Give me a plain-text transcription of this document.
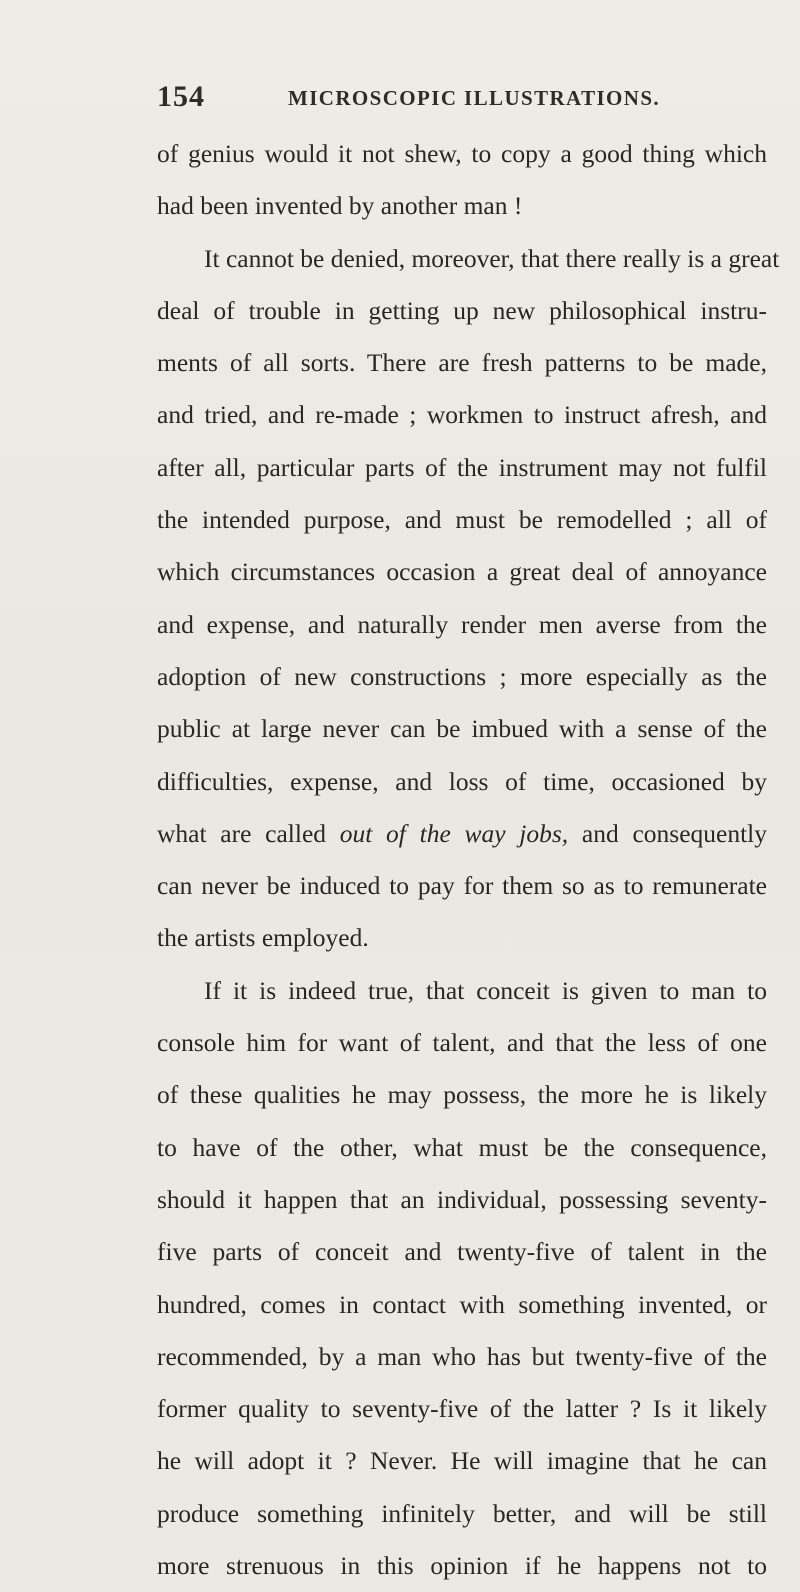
154	MICROSCOPIC ILLUSTRATIONS.
of genius would it not shew, to copy a good thing which
had been invented by another man !
It cannot be denied, moreover, that there really is a great
deal of trouble in getting up new philosophical instru-
ments of all sorts. There are fresh patterns to be made,
and tried, and re-made ; workmen to instruct afresh, and
after all, particular parts of the instrument may not fulfil
the intended purpose, and must be remodelled ; all of
which circumstances occasion a great deal of annoyance
and expense, and naturally render men averse from the
adoption of new constructions ; more especially as the
public at large never can be imbued with a sense of the
difficulties, expense, and loss of time, occasioned by
what are called out of the way jobs, and consequently
can never be induced to pay for them so as to remunerate
the artists employed.
If it is indeed true, that conceit is given to man to
console him for want of talent, and that the less of one
of these qualities he may possess, the more he is likely
to have of the other, what must be the consequence,
should it happen that an individual, possessing seventy-
five parts of conceit and twenty-five of talent in the
hundred, comes in contact with something invented, or
recommended, by a man who has but twenty-five of the
former quality to seventy-five of the latter ? Is it likely
he will adopt it ? Never. He will imagine that he can
produce something infinitely better, and will be still
more strenuous in this opinion if he happens not to
